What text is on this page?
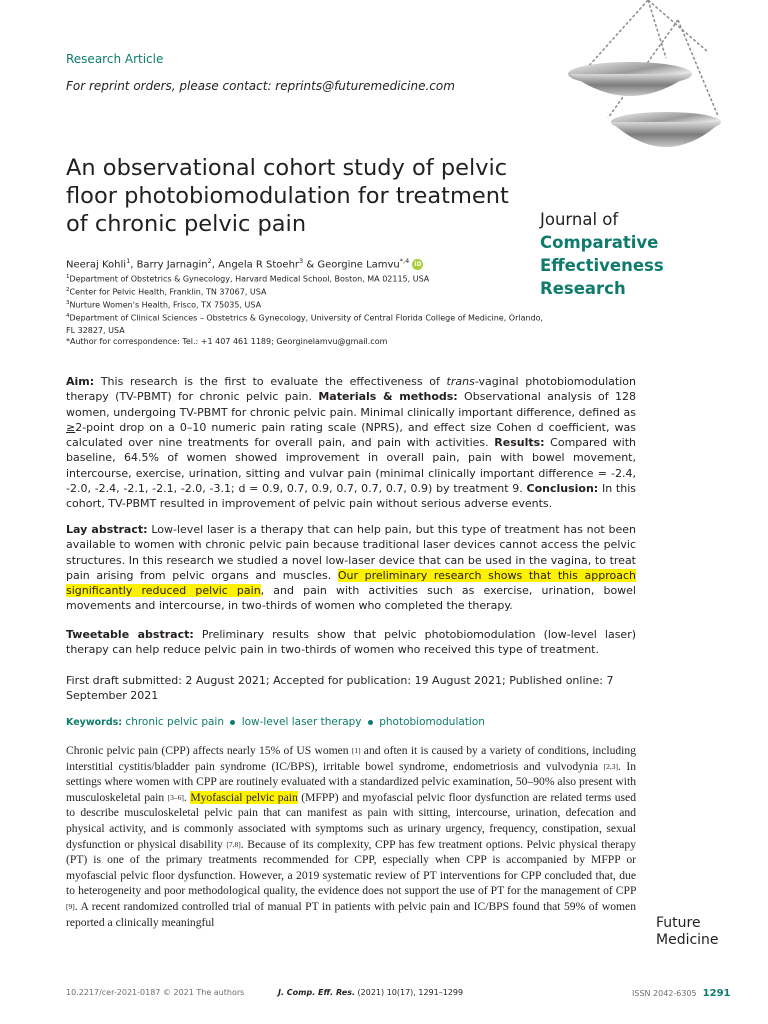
Research Article
For reprint orders, please contact: reprints@futuremedicine.com
An observational cohort study of pelvic floor photobiomodulation for treatment of chronic pelvic pain	Journal of Comparative
Effectiveness Research
Neeraj Kohli$^1$, Barry Jarnagin$^2$, Angela R Stoehr$^3$ & Georgine Lamvu$^{*,4}$ iD
$^1$Department of Obstetrics & Gynecology, Harvard Medical School, Boston, MA 02115, USA
$^2$Center for Pelvic Health, Franklin, TN 37067, USA
$^3$Nurture Women's Health, Frisco, TX 75035, USA
$^4$Department of Clinical Sciences – Obstetrics & Gynecology, University of Central Florida College of Medicine, Orlando, FL 32827, USA
*Author for correspondence: Tel.: +1 407 461 1189; Georginelamvu@gmail.com
Aim: This research is the first to evaluate the effectiveness of trans-vaginal photobiomodulation therapy (TV-PBMT) for chronic pelvic pain. Materials & methods: Observational analysis of 128 women, undergoing TV-PBMT for chronic pelvic pain. Minimal clinically important difference, defined as ≥2-point drop on a 0–10 numeric pain rating scale (NPRS), and effect size Cohen d coefficient, was calculated over nine treatments for overall pain, and pain with activities. Results: Compared with baseline, 64.5% of women showed improvement in overall pain, pain with bowel movement, intercourse, exercise, urination, sitting and vulvar pain (minimal clinically important difference = -2.4, -2.0, -2.4, -2.1, -2.1, -2.0, -3.1; d = 0.9, 0.7, 0.9, 0.7, 0.7, 0.7, 0.9) by treatment 9. Conclusion: In this cohort, TV-PBMT resulted in improvement of pelvic pain without serious adverse events.
Lay abstract: Low-level laser is a therapy that can help pain, but this type of treatment has not been available to women with chronic pelvic pain because traditional laser devices cannot access the pelvic structures. In this research we studied a novel low-laser device that can be used in the vagina, to treat pain arising from pelvic organs and muscles. Our preliminary research shows that this approach significantly reduced pelvic pain, and pain with activities such as exercise, urination, bowel movements and intercourse, in two-thirds of women who completed the therapy.
Tweetable abstract: Preliminary results show that pelvic photobiomodulation (low-level laser) therapy can help reduce pelvic pain in two-thirds of women who received this type of treatment.
First draft submitted: 2 August 2021; Accepted for publication: 19 August 2021; Published online: 7 September 2021
Keywords: chronic pelvic pain low-level laser therapy photobiomodulation
Chronic pelvic pain (CPP) affects nearly 15% of US women [1] and often it is caused by a variety of conditions, including interstitial cystitis/bladder pain syndrome (IC/BPS), irritable bowel syndrome, endometriosis and vulvodynia [2,3]. In settings where women with CPP are routinely evaluated with a standardized pelvic examination, 50–90% also present with musculoskeletal pain [3–6]. Myofascial pelvic pain (MFPP) and myofascial pelvic floor dysfunction are related terms used to describe musculoskeletal pelvic pain that can manifest as pain with sitting, intercourse, urination, defecation and physical activity, and is commonly associated with symptoms such as urinary urgency, frequency, constipation, sexual dysfunction or physical disability [7,8]. Because of its complexity, CPP has few treatment options. Pelvic physical therapy (PT) is one of the primary treatments recommended for CPP, especially when CPP is accompanied by MFPP or myofascial pelvic floor dysfunction. However, a 2019 systematic review of PT interventions for CPP concluded that, due to heterogeneity and poor methodological quality, the evidence does not support the use of PT for the management of CPP [9]. A recent randomized controlled trial of manual PT in patients with pelvic pain and IC/BPS found that 59% of women reported a clinically meaningful	Future
Medicine
10.2217/cer-2021-0187 © 2021 The authors	J. Comp. Eff. Res. (2021) 10(17), 1291–1299	ISSN 2042-6305 1291
